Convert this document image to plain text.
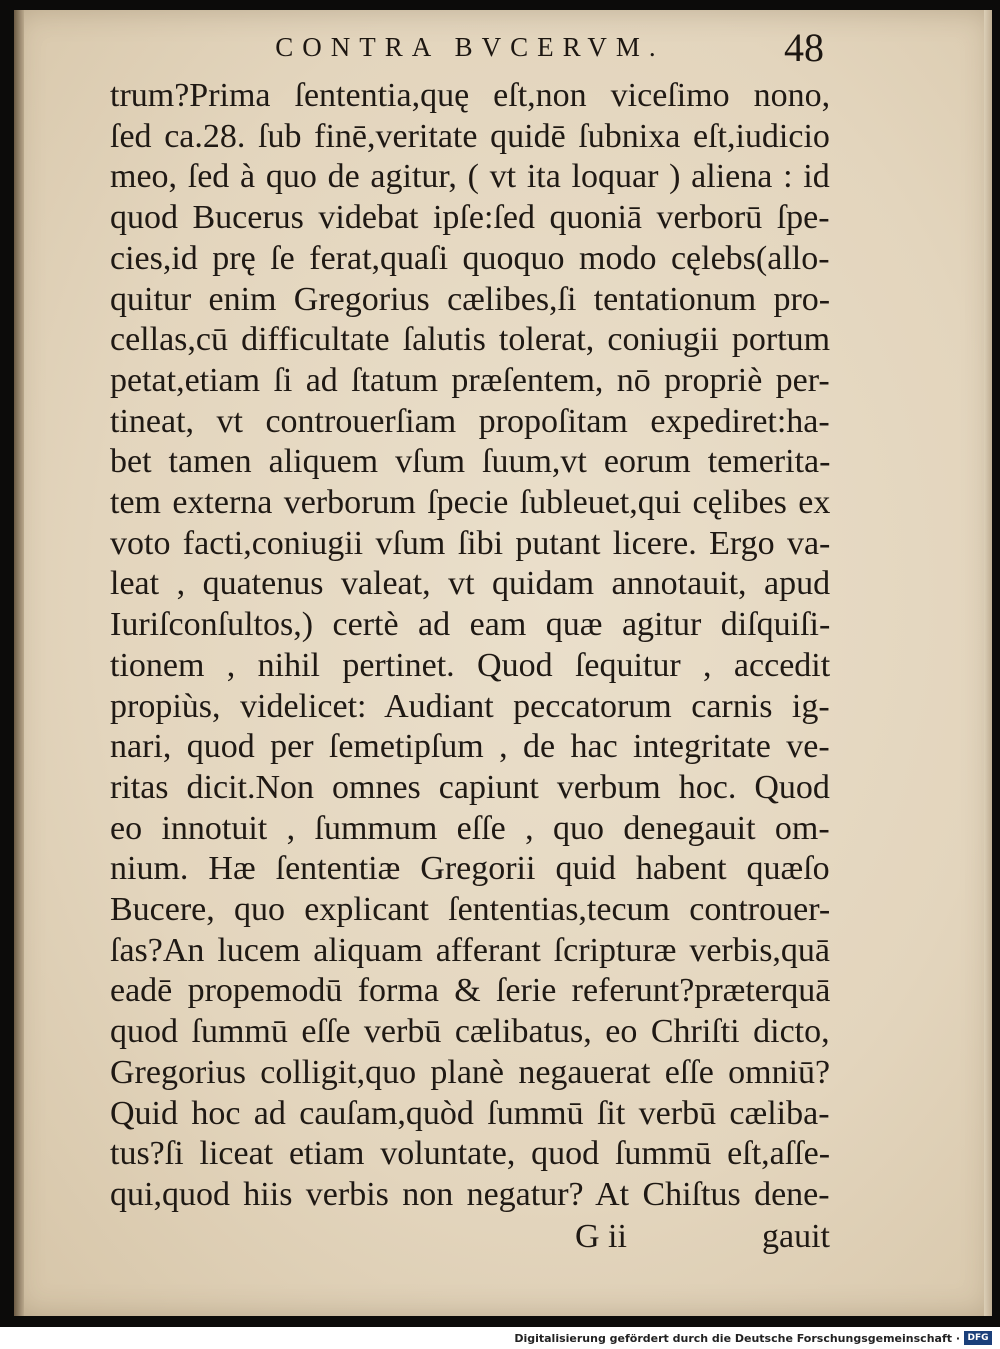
CONTRA BVCERVM.	48

trum?Prima ſententia,quę eſt,non viceſimo nono,
ſed ca.28. ſub finē,veritate quidē ſubnixa eſt,iudicio
meo, ſed à quo de agitur, ( vt ita loquar ) aliena : id
quod Bucerus videbat ipſe:ſed quoniā verborū ſpe-
cies,id prę ſe ferat,quaſi quoquo modo cęlebs(allo-
quitur enim Gregorius cælibes,ſi tentationum pro-
cellas,cū difficultate ſalutis tolerat, coniugii portum
petat,etiam ſi ad ſtatum præſentem, nō propriè per-
tineat, vt controuerſiam propoſitam expediret:ha-
bet tamen aliquem vſum ſuum,vt eorum temerita-
tem externa verborum ſpecie ſubleuet,qui cęlibes ex
voto facti,coniugii vſum ſibi putant licere. Ergo va-
leat , quatenus valeat, vt quidam annotauit, apud
Iuriſconſultos,) certè ad eam quæ agitur diſquiſi-
tionem , nihil pertinet. Quod ſequitur , accedit
propiùs, videlicet: Audiant peccatorum carnis ig-
nari, quod per ſemetipſum , de hac integritate ve-
ritas dicit.Non omnes capiunt verbum hoc. Quod
eo innotuit , ſummum eſſe , quo denegauit om-
nium. Hæ ſententiæ Gregorii quid habent quæſo
Bucere, quo explicant ſententias,tecum controuer-
ſas?An lucem aliquam afferant ſcripturæ verbis,quā
eadē propemodū forma & ſerie referunt?præterquā
quod ſummū eſſe verbū cælibatus, eo Chriſti dicto,
Gregorius colligit,quo planè negauerat eſſe omniū?
Quid hoc ad cauſam,quòd ſummū ſit verbū cæliba-
tus?ſi liceat etiam voluntate, quod ſummū eſt,aſſe-
qui,quod hiis verbis non negatur? At Chiſtus dene-

G ii	gauit

Digitalisierung gefördert durch die Deutsche Forschungsgemeinschaft · DFG
